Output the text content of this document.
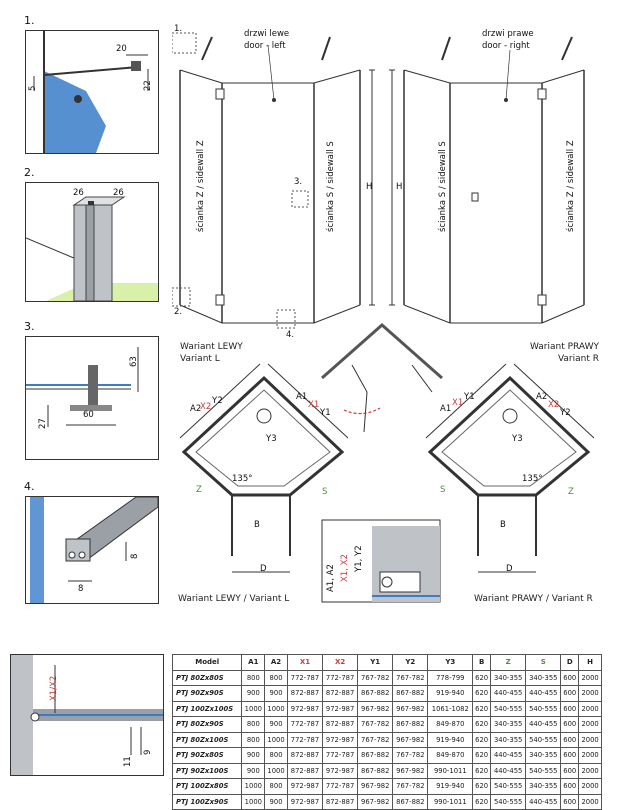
1.
20
5	22
2.
26	26
3.
63
27
60
4.
8
8
drzwi lewe
door - left
drzwi prawe
door - right
ścianka Z / sidewall Z	ścianka S / sidewall S	ścianka S / sidewall S	ścianka Z / sidewall Z
H	H
1.
2.
3.
4.
Wariant LEWY
Variant L
Wariant PRAWY
Variant R
X2
A2
Y2	A1
X1
Y1
Y3
Z	S
135°
B
D
A1
X1
Y1	A2
X2
Y2
Y3
S	Z
135°
B
D
A1, A2 X1, X2 Y1, Y2
Wariant LEWY / Variant L	Wariant PRAWY / Variant R
X1/X2
11
9
Model	A1	A2	X1	X2	Y1	Y2	Y3	B	Z	S	D	H
PTJ 80Zx80S	800	800	772-787	772-787	767-782	767-782	778-799	620	340-355	340-355	600	2000
PTJ 90Zx90S	900	900	872-887	872-887	867-882	867-882	919-940	620	440-455	440-455	600	2000
PTJ 100Zx100S	1000	1000	972-987	972-987	967-982	967-982	1061-1082	620	540-555	540-555	600	2000
PTJ 80Zx90S	800	900	772-787	872-887	767-782	867-882	849-870	620	340-355	440-455	600	2000
PTJ 80Zx100S	800	1000	772-787	972-987	767-782	967-982	919-940	620	340-355	540-555	600	2000
PTJ 90Zx80S	900	800	872-887	772-787	867-882	767-782	849-870	620	440-455	340-355	600	2000
PTJ 90Zx100S	900	1000	872-887	972-987	867-882	967-982	990-1011	620	440-455	540-555	600	2000
PTJ 100Zx80S	1000	800	972-987	772-787	967-982	767-782	919-940	620	540-555	340-355	600	2000
PTJ 100Zx90S	1000	900	972-987	872-887	967-982	867-882	990-1011	620	540-555	440-455	600	2000
